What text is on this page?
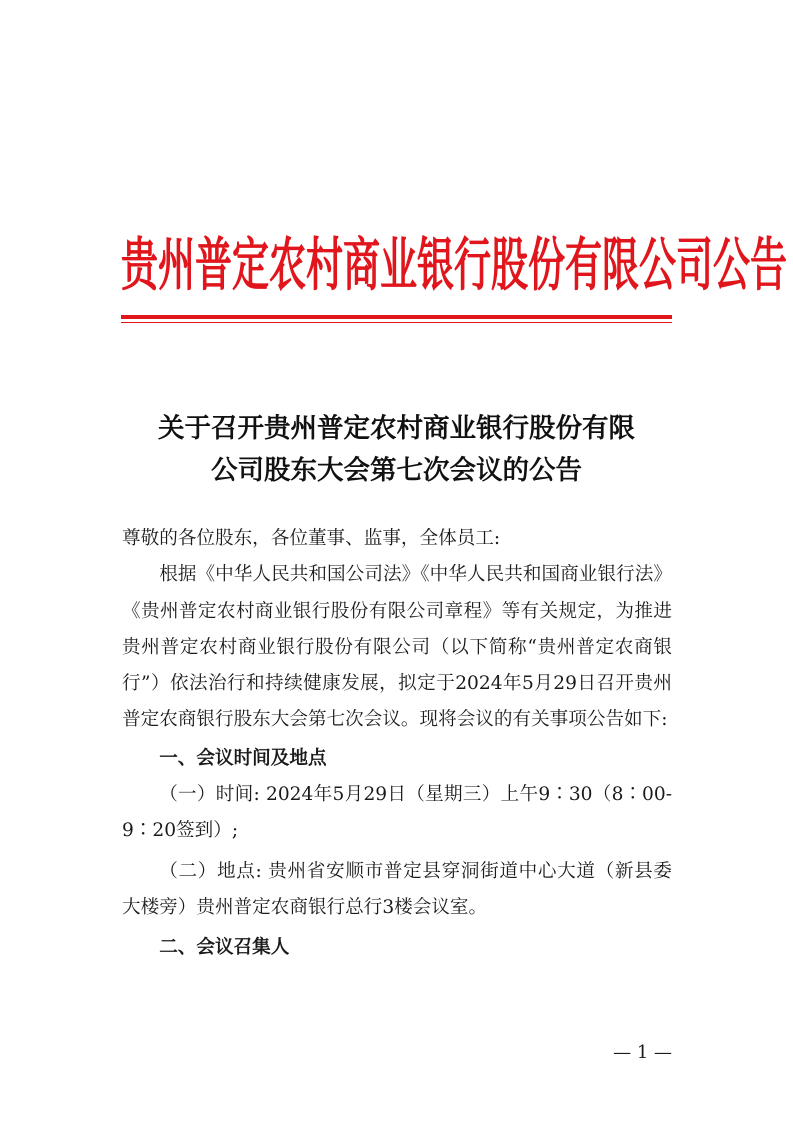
贵州普定农村商业银行股份有限公司公告
关于召开贵州普定农村商业银行股份有限
公司股东大会第七次会议的公告

尊敬的各位股东，各位董事、监事，全体员工:

根据《中华人民共和国公司法》《中华人民共和国商业银行法》《贵州普定农村商业银行股份有限公司章程》等有关规定，为推进贵州普定农村商业银行股份有限公司（以下简称“贵州普定农商银行”）依法治行和持续健康发展，拟定于2024年5月29日召开贵州普定农商银行股东大会第七次会议。现将会议的有关事项公告如下:

一、会议时间及地点

（一）时间: 2024年5月29日（星期三）上午9∶30（8∶00-9∶20签到）;

（二）地点: 贵州省安顺市普定县穿洞街道中心大道（新县委大楼旁）贵州普定农商银行总行3楼会议室。

二、会议召集人

— 1 —
